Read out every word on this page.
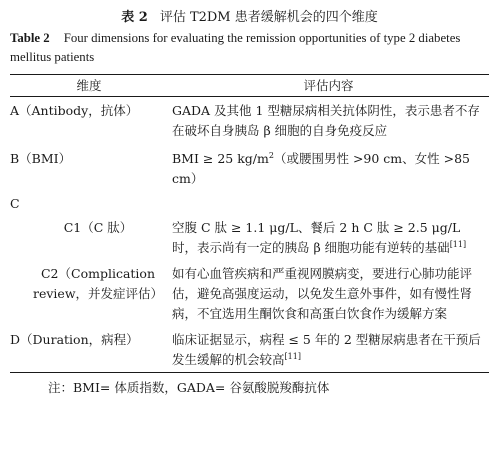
表 2 评估 T2DM 患者缓解机会的四个维度

Table 2 Four dimensions for evaluating the remission opportunities of type 2 diabetes mellitus patients

维度	评估内容
A（Antibody，抗体）	GADA 及其他 1 型糖尿病相关抗体阴性，表示患者不存在破坏自身胰岛 β 细胞的自身免疫反应
B（BMI）	BMI ≥ 25 $kg/m^2$（或腰围男性 >90 cm、女性 >85 cm）
C	
C1（C 肽）	空腹 C 肽 ≥ 1.1 μg/L、餐后 2 h C 肽 ≥ 2.5 μg/L 时，表示尚有一定的胰岛 β 细胞功能有逆转的基础[11]
C2（Complication review，并发症评估）	如有心血管疾病和严重视网膜病变，要进行心肺功能评估，避免高强度运动，以免发生意外事件，如有慢性肾病，不宜选用生酮饮食和高蛋白饮食作为缓解方案
D（Duration，病程）	临床证据显示，病程 ≤ 5 年的 2 型糖尿病患者在干预后发生缓解的机会较高[11]
注：BMI= 体质指数，GADA= 谷氨酸脱羧酶抗体
